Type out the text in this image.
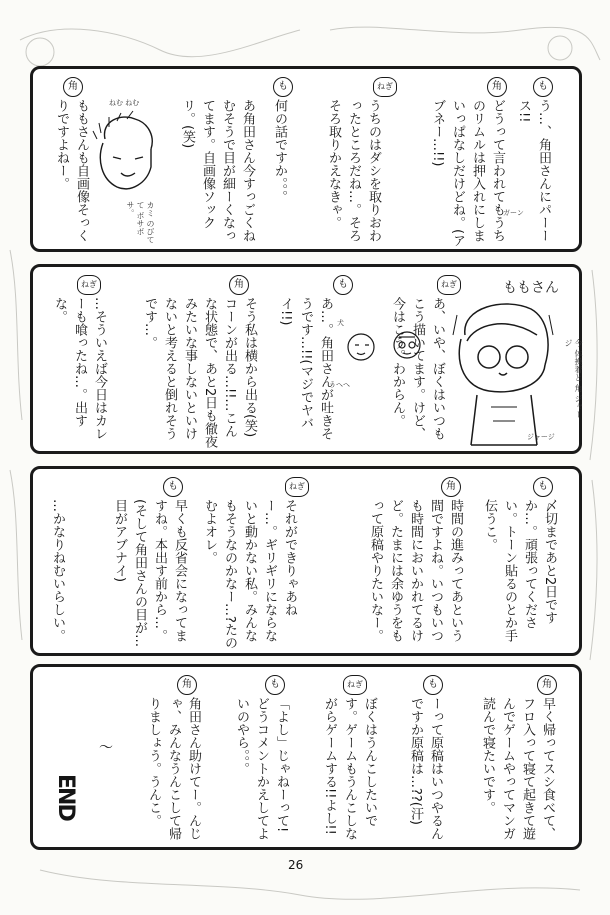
も
う…、角田さんにパーース!!
角
どうって言われてもうちのリムルは押入れにしまいっぱなしだけどね。(アブネー…!!)
ねぎ
うちのはダシを取りおわったところだね…。そろそろ取りかえなきゃ。
も
何の話ですか。。。
あ角田さん今すっごくねむそうで目が細ーくなってます。自画像ソックリ。(笑)
角
ももさんも自画像そっくりですよねー。	ねむ ねむ
カミ のびてて ボサボサ。	ガーン
ももさん
今 体操着と 角 ジャージ
ジャージ
ねぎ
あ、いや、ぼくはいつもこう描いてます。けど、今はこう。わからん。
犬
うへへ
も
あ…。角田さんが吐きそうです…!!(マジでヤバイ!!)
角
そう私は横から出る(笑)コーンが出る…!!…こんな状態で、あと2日も徹夜みたいな事しないといけないと考えると倒れそうです…。
ねぎ
…そういえば今日はカレーも喰ったね…。出すな。
も
〆切まであと2日ですか…。頑張ってください。トーン貼るのとか手伝うこ。
角
時間の進みってあという間ですよね。いつもいつも時間においかれてるけど。たまには余ゆうをもって原稿やりたいなー。
ねぎ
それができりゃあねー…。ギリギリにならないと動かない私。みんなもそうなのかなー…?たのむよオレ。
も
早くも反省会になってますね。本出す前から…。(そして角田さんの目が…目がアブナイ)
…かなりねむいらしい。
角
早く帰ってスシ食べて、フロ入って寝て起きて遊んでゲームやってマンガ読んで寝たいです。
も
ーって原稿はいつやるんですか原稿は…??(汗)
ねぎ
ぼくはうんこしたいです。ゲームもうんこしながらゲームする!!よし!!
も
「よし」じゃねーって!どうコメントかえしてよいのやら。。。
角
角田さん助けてー。んじゃ、みんなうんこして帰りましょう。うんこ。
～
END
26
